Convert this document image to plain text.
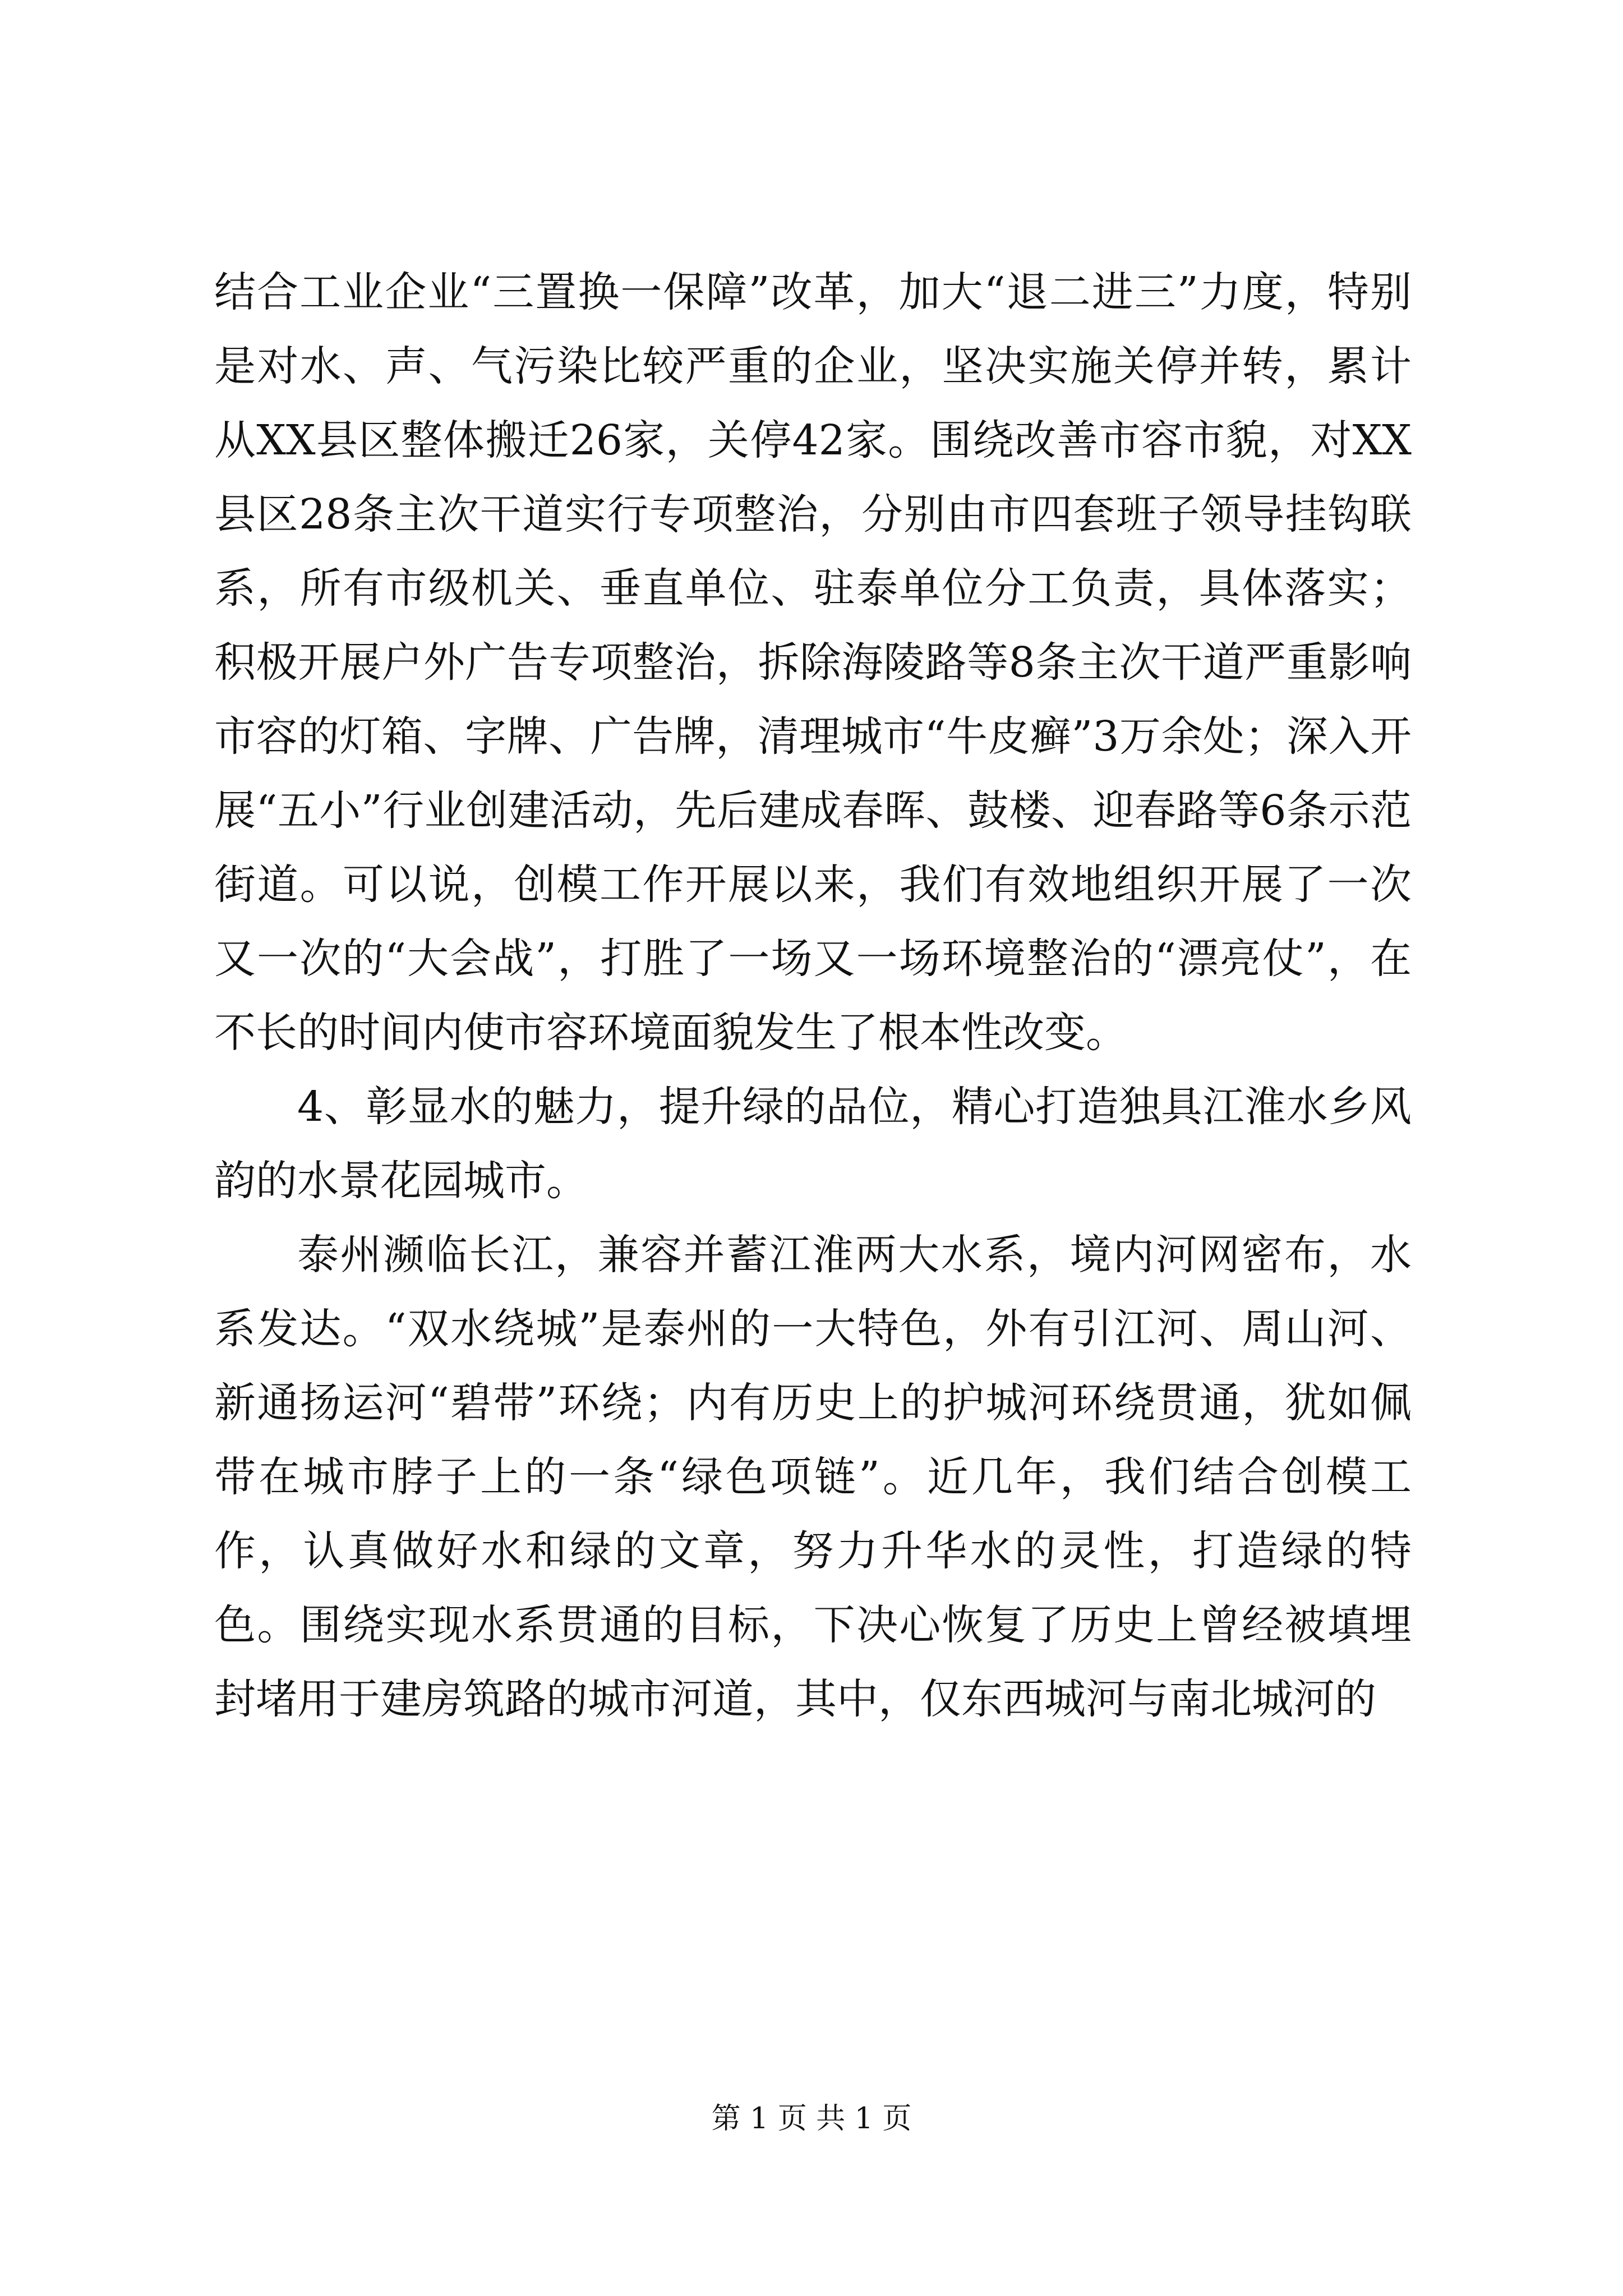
结合工业企业“三置换一保障”改革，加大“退二进三”力度，特别是对水、声、气污染比较严重的企业，坚决实施关停并转，累计从XX县区整体搬迁26家，关停42家。围绕改善市容市貌，对XX县区28条主次干道实行专项整治，分别由市四套班子领导挂钩联系，所有市级机关、垂直单位、驻泰单位分工负责，具体落实；积极开展户外广告专项整治，拆除海陵路等8条主次干道严重影响市容的灯箱、字牌、广告牌，清理城市“牛皮癣”3万余处；深入开展“五小”行业创建活动，先后建成春晖、鼓楼、迎春路等6条示范街道。可以说，创模工作开展以来，我们有效地组织开展了一次又一次的“大会战”，打胜了一场又一场环境整治的“漂亮仗”，在不长的时间内使市容环境面貌发生了根本性改变。

4、彰显水的魅力，提升绿的品位，精心打造独具江淮水乡风韵的水景花园城市。

泰州濒临长江，兼容并蓄江淮两大水系，境内河网密布，水系发达。“双水绕城”是泰州的一大特色，外有引江河、周山河、新通扬运河“碧带”环绕；内有历史上的护城河环绕贯通，犹如佩带在城市脖子上的一条“绿色项链”。近几年，我们结合创模工作，认真做好水和绿的文章，努力升华水的灵性，打造绿的特色。围绕实现水系贯通的目标，下决心恢复了历史上曾经被填埋封堵用于建房筑路的城市河道，其中，仅东西城河与南北城河的

第 1 页 共 1 页
